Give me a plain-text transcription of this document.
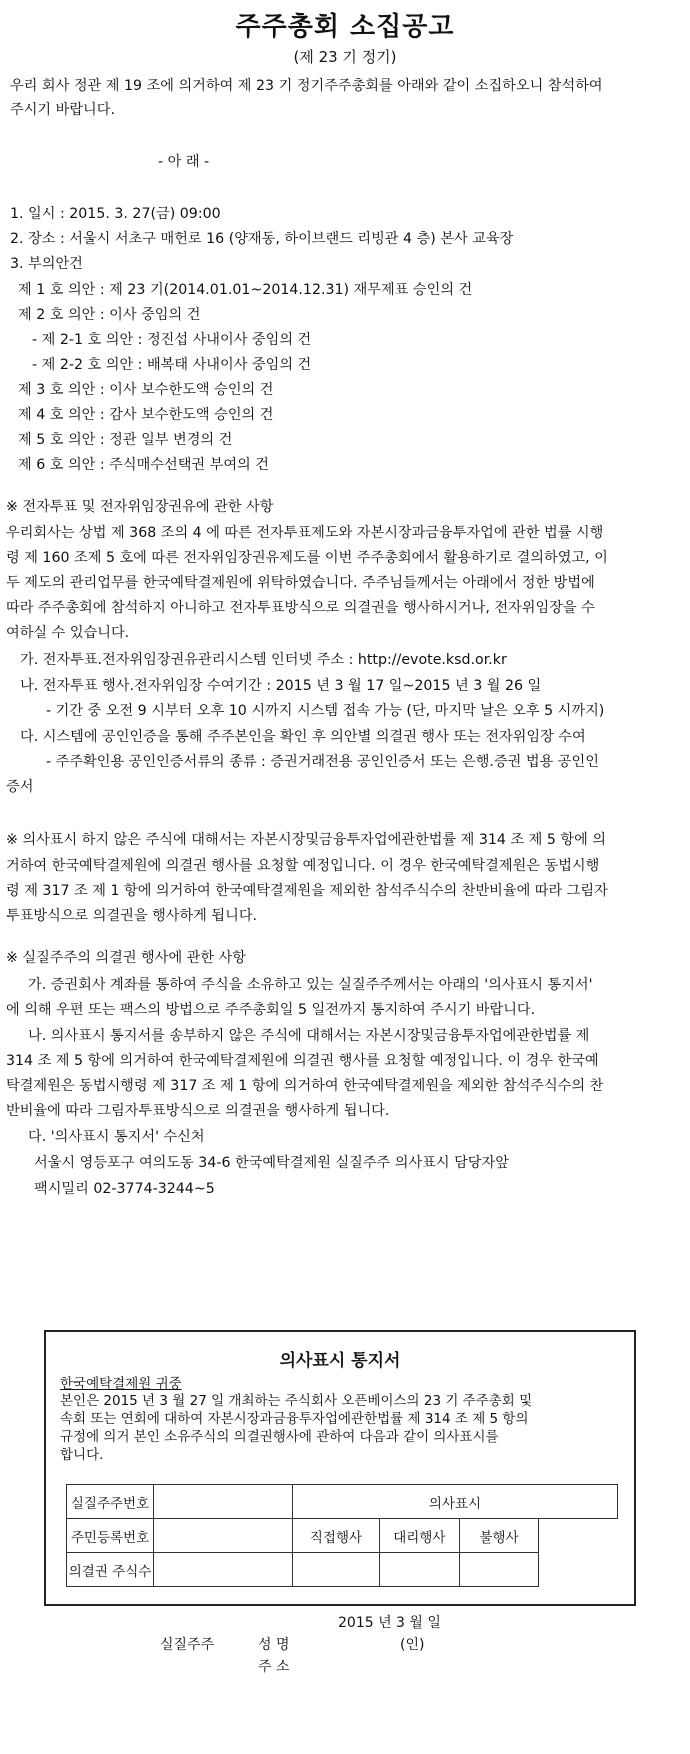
주주총회 소집공고
(제 23 기 정기)
우리 회사 정관 제 19 조에 의거하여 제 23 기 정기주주총회를 아래와 같이 소집하오니 참석하여
주시기 바랍니다.
- 아 래 -
1. 일시 : 2015. 3. 27(금) 09:00
2. 장소 : 서울시 서초구 매헌로 16 (양재동, 하이브랜드 리빙관 4 층) 본사 교육장
3. 부의안건
제 1 호 의안 : 제 23 기(2014.01.01~2014.12.31) 재무제표 승인의 건
제 2 호 의안 : 이사 중임의 건
- 제 2-1 호 의안 : 정진섭 사내이사 중임의 건
- 제 2-2 호 의안 : 배복태 사내이사 중임의 건
제 3 호 의안 : 이사 보수한도액 승인의 건
제 4 호 의안 : 감사 보수한도액 승인의 건
제 5 호 의안 : 정관 일부 변경의 건
제 6 호 의안 : 주식매수선택권 부여의 건
※ 전자투표 및 전자위임장권유에 관한 사항
우리회사는 상법 제 368 조의 4 에 따른 전자투표제도와 자본시장과금융투자업에 관한 법률 시행
령 제 160 조제 5 호에 따른 전자위임장권유제도를 이번 주주총회에서 활용하기로 결의하였고, 이
두 제도의 관리업무를 한국예탁결제원에 위탁하였습니다. 주주님들께서는 아래에서 정한 방법에
따라 주주총회에 참석하지 아니하고 전자투표방식으로 의결권을 행사하시거나, 전자위임장을 수
여하실 수 있습니다.
가. 전자투표.전자위임장권유관리시스템 인터넷 주소 : http://evote.ksd.or.kr
나. 전자투표 행사.전자위임장 수여기간 : 2015 년 3 월 17 일~2015 년 3 월 26 일
- 기간 중 오전 9 시부터 오후 10 시까지 시스템 접속 가능 (단, 마지막 날은 오후 5 시까지)
다. 시스템에 공인인증을 통해 주주본인을 확인 후 의안별 의결권 행사 또는 전자위임장 수여
- 주주확인용 공인인증서류의 종류 : 증권거래전용 공인인증서 또는 은행.증권 법용 공인인
증서
※ 의사표시 하지 않은 주식에 대해서는 자본시장및금융투자업에관한법률 제 314 조 제 5 항에 의
거하여 한국예탁결제원에 의결권 행사를 요청할 예정입니다. 이 경우 한국예탁결제원은 동법시행
령 제 317 조 제 1 항에 의거하여 한국예탁결제원을 제외한 참석주식수의 찬반비율에 따라 그림자
투표방식으로 의결권을 행사하게 됩니다.
※ 실질주주의 의결권 행사에 관한 사항
가. 증권회사 계좌를 통하여 주식을 소유하고 있는 실질주주께서는 아래의 '의사표시 통지서'
에 의해 우편 또는 팩스의 방법으로 주주총회일 5 일전까지 통지하여 주시기 바랍니다.
나. 의사표시 통지서를 송부하지 않은 주식에 대해서는 자본시장및금융투자업에관한법률 제
314 조 제 5 항에 의거하여 한국예탁결제원에 의결권 행사를 요청할 예정입니다. 이 경우 한국예
탁결제원은 동법시행령 제 317 조 제 1 항에 의거하여 한국예탁결제원을 제외한 참석주식수의 찬
반비율에 따라 그림자투표방식으로 의결권을 행사하게 됩니다.
다. '의사표시 통지서' 수신처
서울시 영등포구 여의도동 34-6 한국예탁결제원 실질주주 의사표시 담당자앞
팩시밀리 02-3774-3244~5
의사표시 통지서
한국예탁결제원 귀중
본인은 2015 년 3 월 27 일 개최하는 주식회사 오픈베이스의 23 기 주주총회 및
속회 또는 연회에 대하여 자본시장과금융투자업에관한법률 제 314 조 제 5 항의
규정에 의거 본인 소유주식의 의결권행사에 관하여 다음과 같이 의사표시를
합니다.
실질주주번호		의사표시		
주민등록번호		직접행사	대리행사	불행사
의결권 주식수				
2015 년 3 월 일
실질주주	성 명	(인)
주 소
